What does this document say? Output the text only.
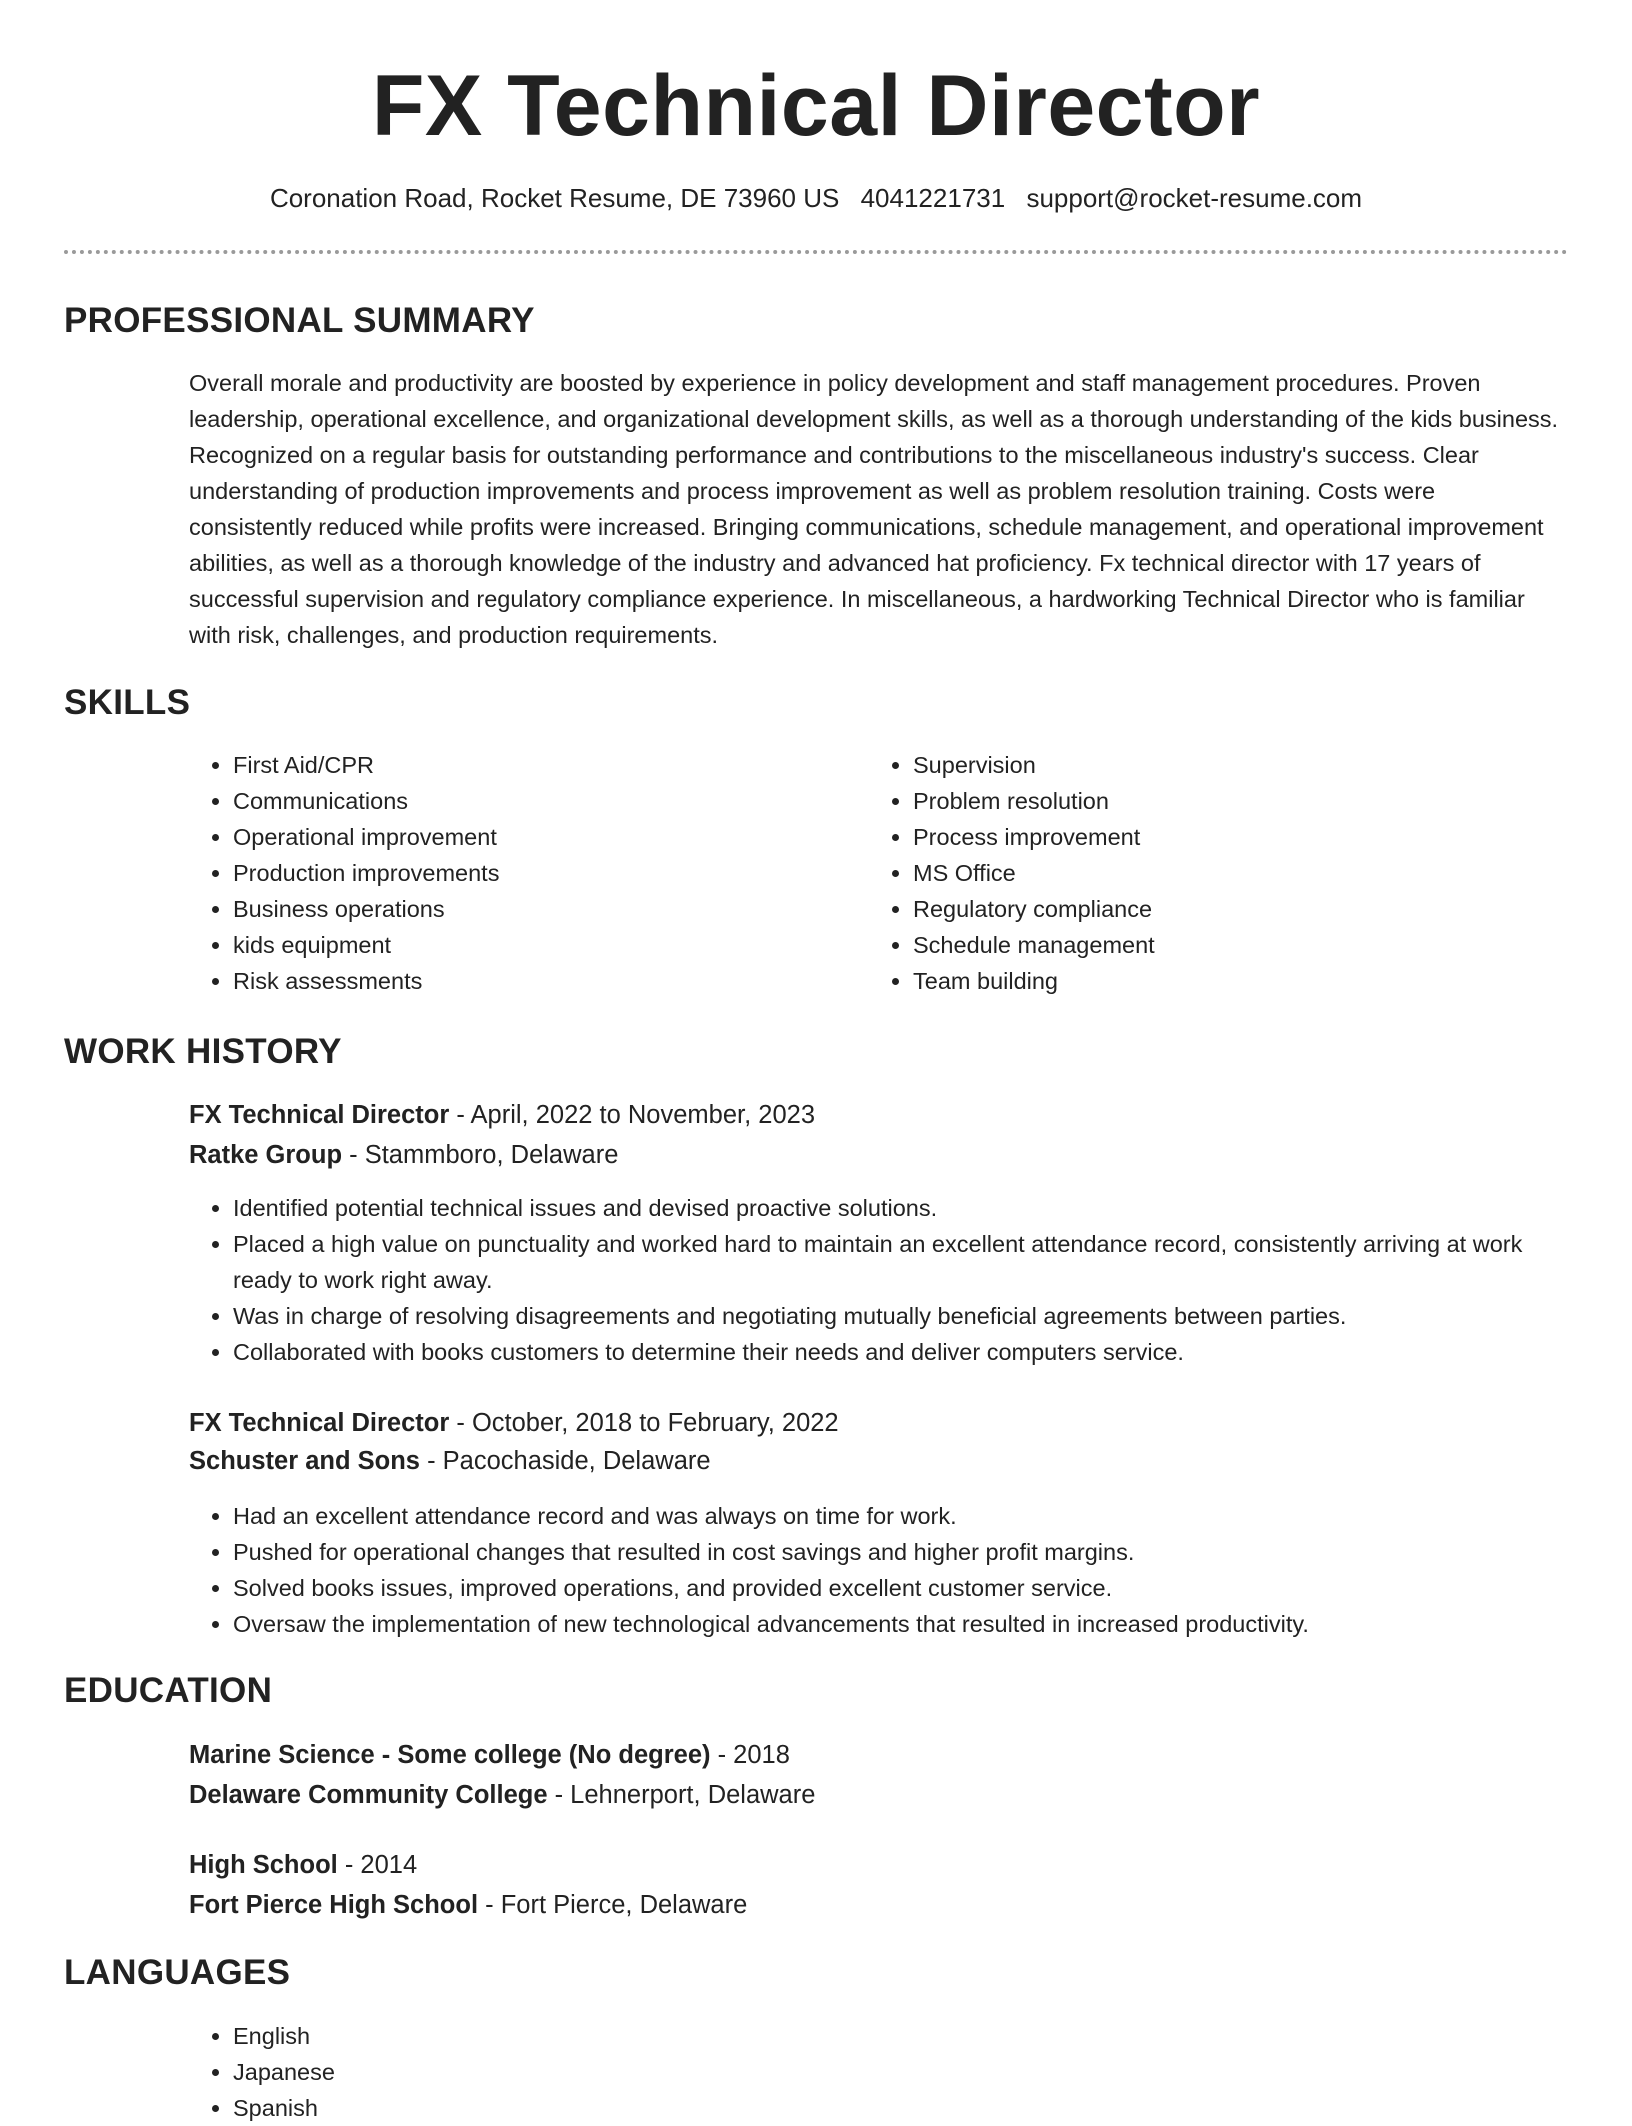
FX Technical Director

Coronation Road, Rocket Resume, DE 73960 US 4041221731 support@rocket-resume.com

PROFESSIONAL SUMMARY

Overall morale and productivity are boosted by experience in policy development and staff management procedures. Proven leadership, operational excellence, and organizational development skills, as well as a thorough understanding of the kids business. Recognized on a regular basis for outstanding performance and contributions to the miscellaneous industry's success. Clear understanding of production improvements and process improvement as well as problem resolution training. Costs were consistently reduced while profits were increased. Bringing communications, schedule management, and operational improvement abilities, as well as a thorough knowledge of the industry and advanced hat proficiency. Fx technical director with 17 years of successful supervision and regulatory compliance experience. In miscellaneous, a hardworking Technical Director who is familiar with risk, challenges, and production requirements.

SKILLS
• First Aid/CPR
• Communications
• Operational improvement
• Production improvements
• Business operations
• kids equipment
• Risk assessments
• Supervision
• Problem resolution
• Process improvement
• MS Office
• Regulatory compliance
• Schedule management
• Team building
WORK HISTORY

FX Technical Director - April, 2022 to November, 2023

Ratke Group - Stammboro, Delaware

• Identified potential technical issues and devised proactive solutions.
• Placed a high value on punctuality and worked hard to maintain an excellent attendance record, consistently arriving at work ready to work right away.
• Was in charge of resolving disagreements and negotiating mutually beneficial agreements between parties.
• Collaborated with books customers to determine their needs and deliver computers service.

FX Technical Director - October, 2018 to February, 2022

Schuster and Sons - Pacochaside, Delaware

• Had an excellent attendance record and was always on time for work.
• Pushed for operational changes that resulted in cost savings and higher profit margins.
• Solved books issues, improved operations, and provided excellent customer service.
• Oversaw the implementation of new technological advancements that resulted in increased productivity.
EDUCATION

Marine Science - Some college (No degree) - 2018

Delaware Community College - Lehnerport, Delaware

High School - 2014

Fort Pierce High School - Fort Pierce, Delaware

LANGUAGES
• English
• Japanese
• Spanish
